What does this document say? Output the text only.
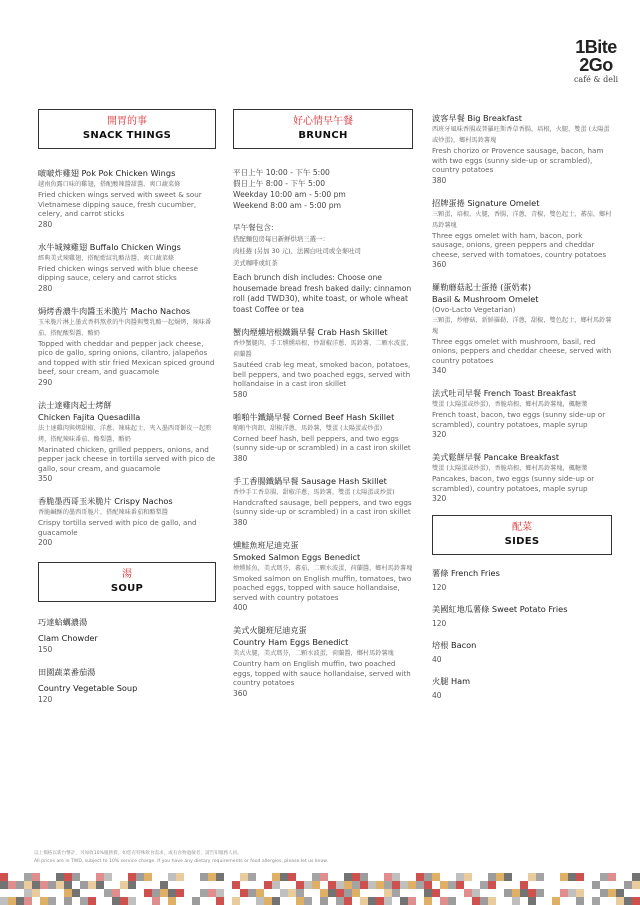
1Bite
2Go
café & deli
開胃的事
SNACK THINGS
啵啵炸雞翅 Pok Pok Chicken Wings
越南魚露口味的雞翅，搭配酸辣醬甜醬、爽口蔬菜條
Fried chicken wings served with sweet & sour Vietnamese dipping sauce, fresh cucumber, celery, and carrot sticks
280
水牛城辣雞翅 Buffalo Chicken Wings
經典美式辣雞翅，搭配藍紋乳酪沾醬、爽口蔬菜條
Fried chicken wings served with blue cheese dipping sauce, celery and carrot sticks
280
焗烤香濃牛肉醬玉米脆片 Macho Nachos
玉米脆片淋上墨式香料熬煮的牛肉醬與雙乳酪一起焗烤，辣味番茄，搭配酸梨醬、酪奶
Topped with cheddar and pepper jack cheese, pico de gallo, spring onions, cilantro, jalapeños and topped with stir fried Mexican spiced ground beef, sour cream, and guacamole
290
法士達雞肉起士烤餅
Chicken Fajita Quesadilla
法士達雞肉與烤甜椒、洋蔥、辣味起士，夾入墨西哥餅皮一起煎烤，搭配辣味番茄、酪梨醬、酪奶
Marinated chicken, grilled peppers, onions, and pepper jack cheese in tortilla served with pico de gallo, sour cream, and guacamole
350
香脆墨西哥玉米脆片 Crispy Nachos
香脆鹹酥的墨西哥脆片，搭配辣味番茄和酪梨醬
Crispy tortilla served with pico de gallo, and guacamole
200
湯
SOUP
巧達蛤蠣濃湯
Clam Chowder
150
田園蔬菜番茄湯
Country Vegetable Soup
120
好心情早午餐
BRUNCH
平日上午 10:00 - 下午 5:00
假日上午 8:00 - 下午 5:00
Weekday 10:00 am - 5:00 pm
Weekend 8:00 am - 5:00 pm
早午餐包含:
搭配麵包房每日新鮮烘培三選一：
肉桂捲 (另加 30 元)、法國白吐司或全麥吐司
美式咖啡或紅茶
Each brunch dish includes: Choose one housemade bread fresh baked daily: cinnamon roll (add TWD30), white toast, or whole wheat toast Coffee or tea
蟹肉煙燻培根鐵鍋早餐 Crab Hash Skillet
香炒蟹腿肉、手工燻燻培根，炒甜椒洋蔥、馬鈴薯，二顆水波蛋，荷蘭醬
Sautéed crab leg meat, smoked bacon, potatoes, bell peppers, and two poached eggs, served with hollandaise in a cast iron skillet
580
啪啪牛鐵鍋早餐 Corned Beef Hash Skillet
啪啪牛肉卸，甜椒洋蔥，馬鈴薯，雙蛋 (太陽蛋或炒蛋)
Corned beef hash, bell peppers, and two eggs (sunny side-up or scrambled) in a cast iron skillet
380
手工香腸鐵鍋早餐 Sausage Hash Skillet
香炒手工香草腸，甜椒洋蔥，馬鈴薯，雙蛋 (太陽蛋或炒蛋)
Handcrafted sausage, bell peppers, and two eggs (sunny side-up or scrambled) in a cast iron skillet
380
燻鮭魚班尼迪克蛋
Smoked Salmon Eggs Benedict
煙燻鮭魚，美式瑪芬，蕃茄，二顆水波蛋，荷蘭醬，鄉村馬鈴薯塊
Smoked salmon on English muffin, tomatoes, two poached eggs, topped with sauce hollandaise, served with country potatoes
400
美式火腿班尼迪克蛋
Country Ham Eggs Benedict
美式火腿，美式瑪芬，二顆水波蛋，荷蘭醬，鄉村馬鈴薯塊
Country ham on English muffin, two poached eggs, topped with sauce hollandaise, served with country potatoes
360
波客早餐 Big Breakfast
西班牙風味香腸或普羅旺斯香草香腸，培根，火腿，雙蛋 (太陽蛋或炒蛋)，鄉村馬鈴薯塊
Fresh chorizo or Provence sausage, bacon, ham with two eggs (sunny side-up or scrambled), country potatoes
380
招牌蛋捲 Signature Omelet
三顆蛋，培根，火腿，香腸，洋蔥，青椒，雙色起士，蕃茄，鄉村馬鈴薯塊
Three eggs omelet with ham, bacon, pork sausage, onions, green peppers and cheddar cheese, served with tomatoes, country potatoes
360
羅勒蘑菇起士蛋捲 (蛋奶素)
Basil & Mushroom Omelet
(Ovo-Lacto Vegetarian)
三顆蛋，炒蘑菇，新鮮羅勒，洋蔥，甜椒，雙色起士，鄉村馬鈴薯塊
Three eggs omelet with mushroom, basil, red onions, peppers and cheddar cheese, served with country potatoes
340
法式吐司早餐 French Toast Breakfast
雙蛋 (太陽蛋或炒蛋)，香脆培根，鄉村馬鈴薯塊，楓糖漿
French toast, bacon, two eggs (sunny side-up or scrambled), country potatoes, maple syrup
320
美式鬆餅早餐 Pancake Breakfast
雙蛋 (太陽蛋或炒蛋)，香脆培根，鄉村馬鈴薯塊，楓糖漿
Pancakes, bacon, two eggs (sunny side-up or scrambled), country potatoes, maple syrup
320
配菜
SIDES
薯條 French Fries
120
美國紅地瓜薯條 Sweet Potato Fries
120
培根 Bacon
40
火腿 Ham
40
以上價格以新台幣計，另加收10%服務費。如您有特殊飲食需求，或有食物過敏者，請告知服務人員。
All prices are in TWD, subject to 10% service charge. If you have any dietary requirements or food allergies, please let us know.
